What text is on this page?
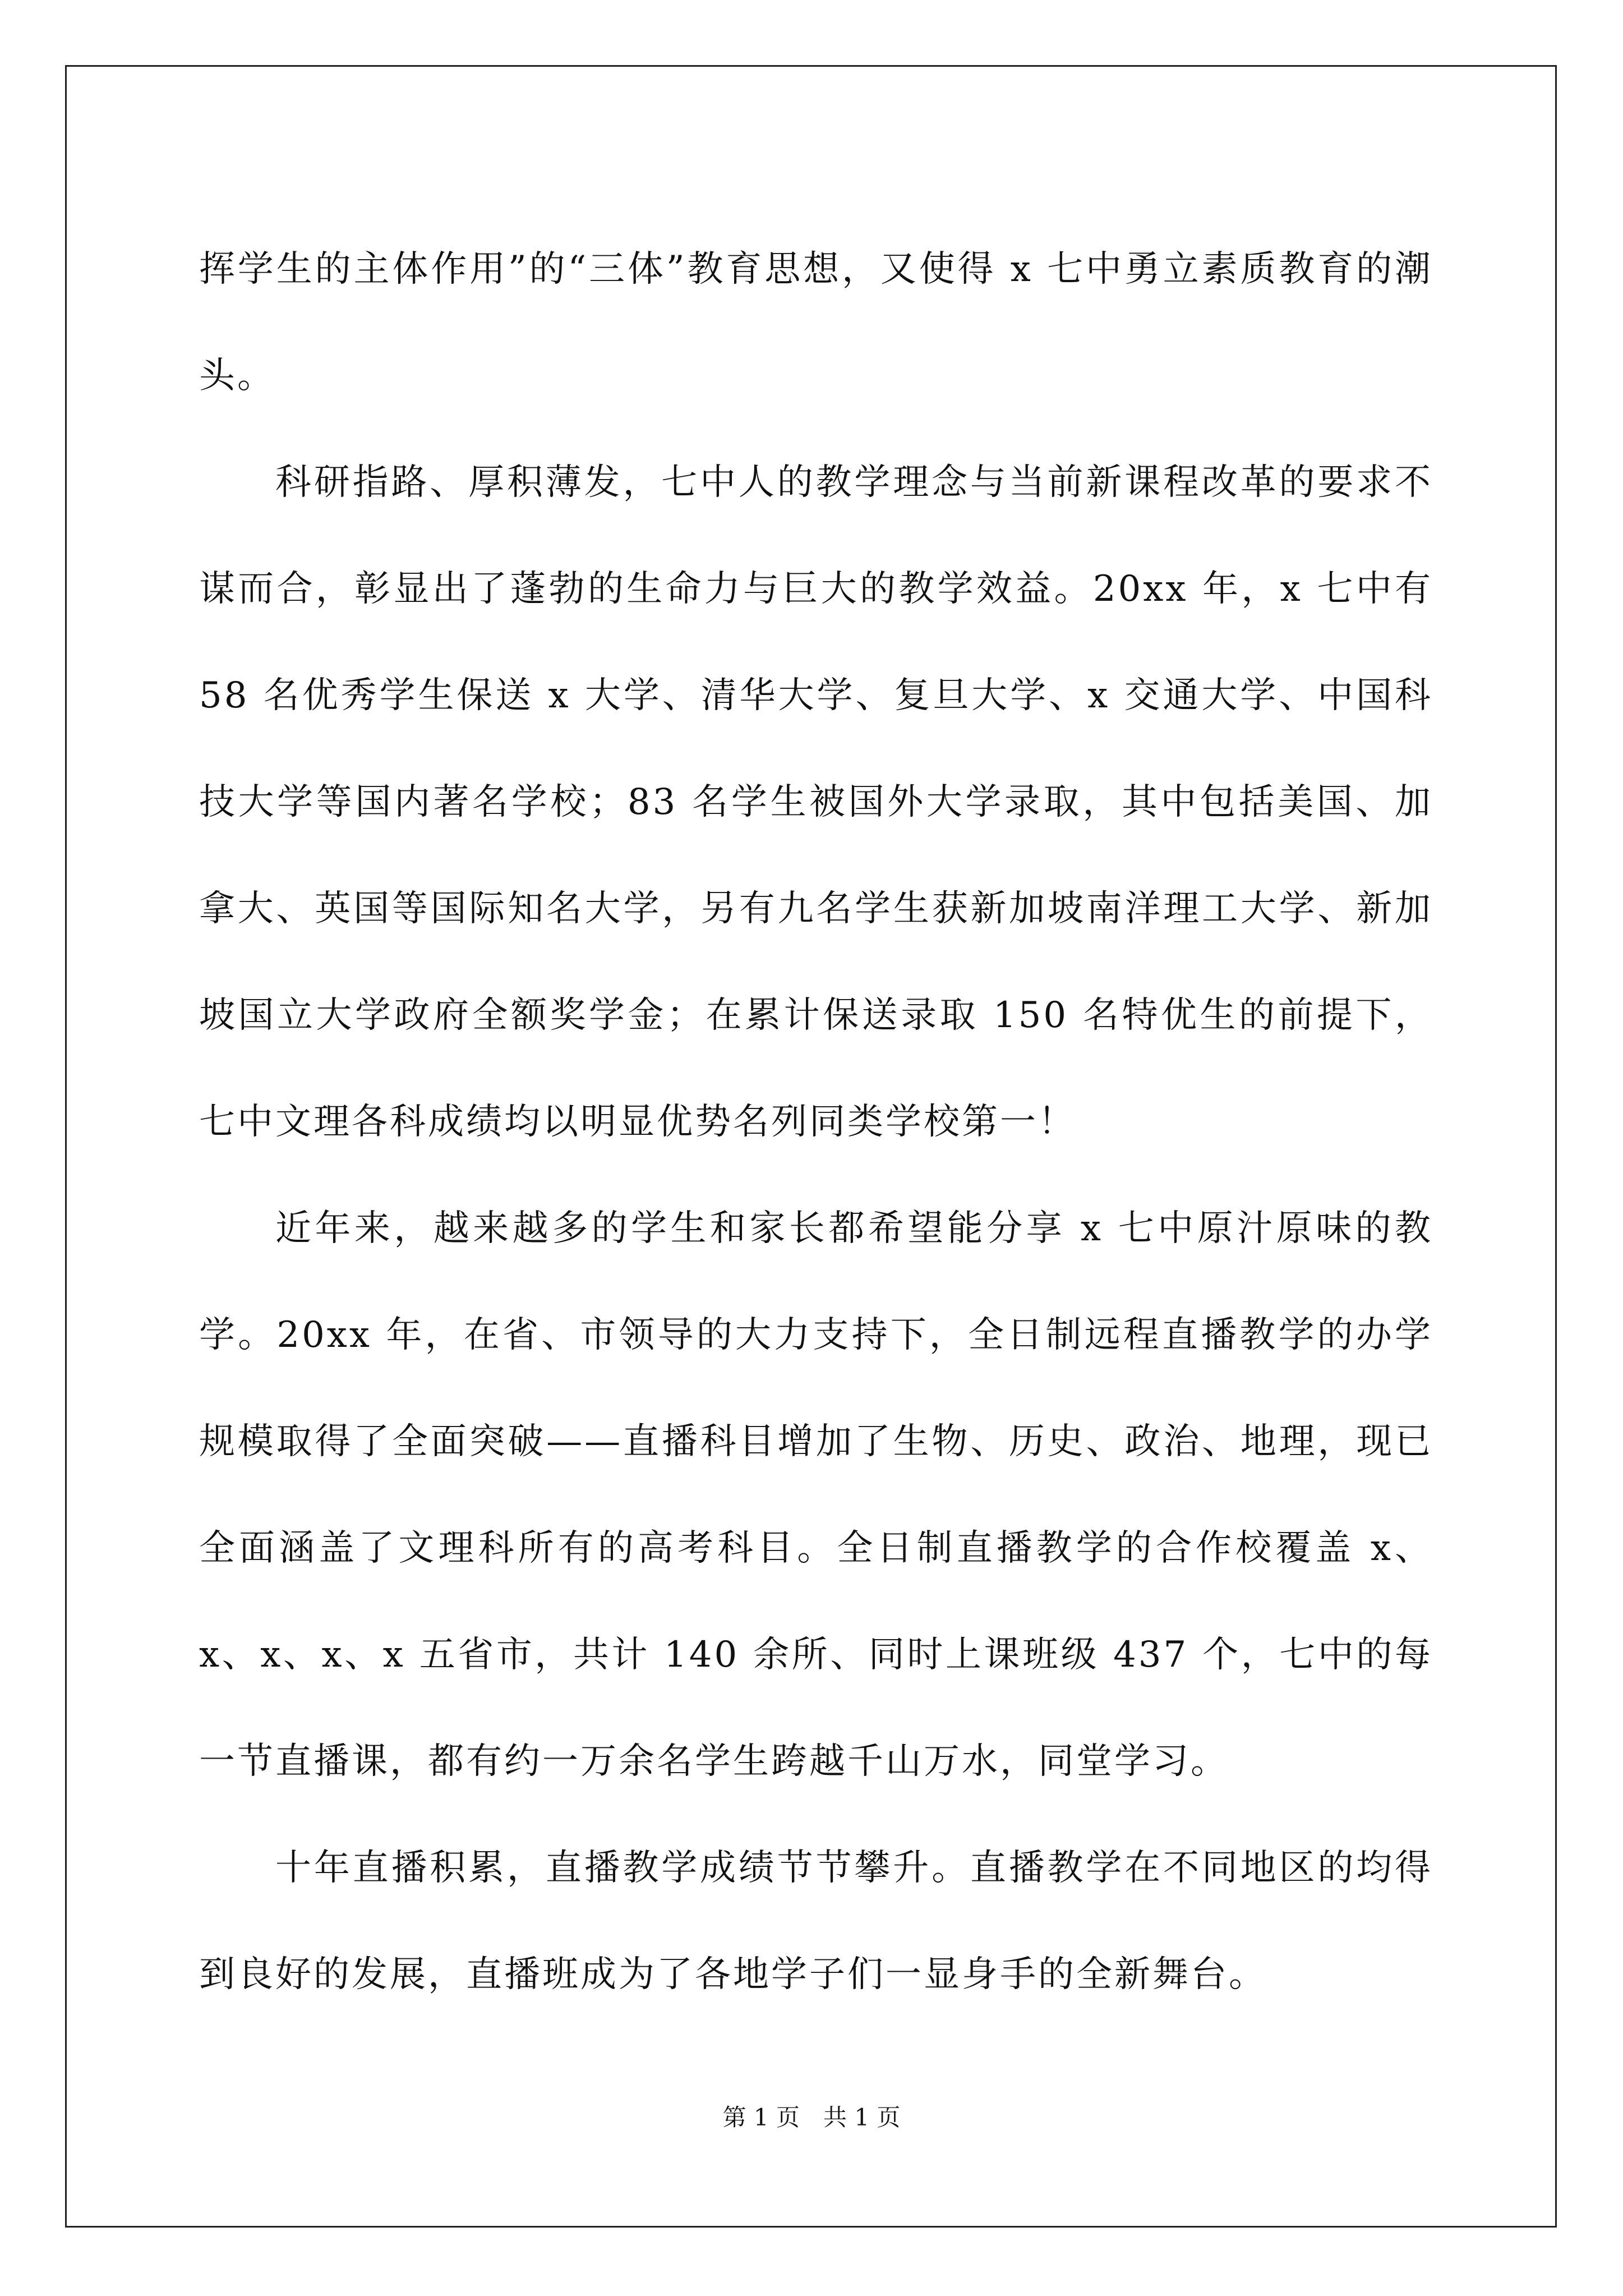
挥学生的主体作用”的“三体”教育思想，又使得 x 七中勇立素质教育的潮头。

科研指路、厚积薄发，七中人的教学理念与当前新课程改革的要求不谋而合，彰显出了蓬勃的生命力与巨大的教学效益。20xx 年，x 七中有 58 名优秀学生保送 x 大学、清华大学、复旦大学、x 交通大学、中国科技大学等国内著名学校；83 名学生被国外大学录取，其中包括美国、加拿大、英国等国际知名大学，另有九名学生获新加坡南洋理工大学、新加坡国立大学政府全额奖学金；在累计保送录取 150 名特优生的前提下，七中文理各科成绩均以明显优势名列同类学校第一！

近年来，越来越多的学生和家长都希望能分享 x 七中原汁原味的教学。20xx 年，在省、市领导的大力支持下，全日制远程直播教学的办学规模取得了全面突破——直播科目增加了生物、历史、政治、地理，现已全面涵盖了文理科所有的高考科目。全日制直播教学的合作校覆盖 x、x、x、x、x 五省市，共计 140 余所、同时上课班级 437 个，七中的每一节直播课，都有约一万余名学生跨越千山万水，同堂学习。

十年直播积累，直播教学成绩节节攀升。直播教学在不同地区的均得到良好的发展，直播班成为了各地学子们一显身手的全新舞台。

第 1 页　共 1 页
